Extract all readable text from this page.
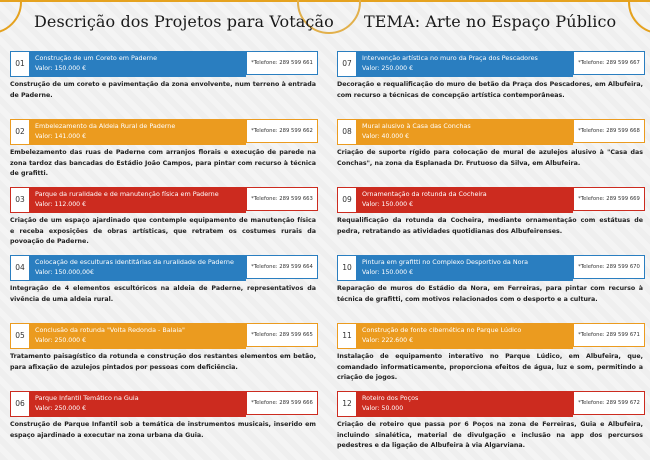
Descrição dos Projetos para Votação TEMA: Arte no Espaço Público
01
Construção de um Coreto em Paderne
Valor: 150.000 €
*Telefone: 289 599 661
Construção de um coreto e pavimentação da zona envolvente, num terreno à entrada de Paderne.
02
Embelezamento da Aldeia Rural de Paderne
Valor: 141.000 €
*Telefone: 289 599 662
Embelezamento das ruas de Paderne com arranjos florais e execução de parede na zona tardoz das bancadas do Estádio João Campos, para pintar com recurso à técnica de grafitti.
03
Parque da ruralidade e de manutenção física em Paderne
Valor: 112.000 €
*Telefone: 289 599 663
Criação de um espaço ajardinado que contemple equipamento de manutenção física e receba exposições de obras artísticas, que retratem os costumes rurais da povoação de Paderne.
04
Colocação de esculturas identitárias da ruralidade de Paderne
Valor: 150.000,00€
*Telefone: 289 599 664
Integração de 4 elementos escultóricos na aldeia de Paderne, representativos da vivência de uma aldeia rural.
05
Conclusão da rotunda "Volta Redonda - Balaia"
Valor: 250.000 €
*Telefone: 289 599 665
Tratamento paisagístico da rotunda e construção dos restantes elementos em betão, para afixação de azulejos pintados por pessoas com deficiência.
06
Parque Infantil Temático na Guia
Valor: 250.000 €
*Telefone: 289 599 666
Construção de Parque Infantil sob a temática de instrumentos musicais, inserido em espaço ajardinado a executar na zona urbana da Guia.
07
Intervenção artística no muro da Praça dos Pescadores
Valor: 250.000 €
*Telefone: 289 599 667
Decoração e requalificação do muro de betão da Praça dos Pescadores, em Albufeira, com recurso a técnicas de concepção artística contemporâneas.
08
Mural alusivo à Casa das Conchas
Valor: 40.000 €
*Telefone: 289 599 668
Criação de suporte rígido para colocação de mural de azulejos alusivo à "Casa das Conchas", na zona da Esplanada Dr. Frutuoso da Silva, em Albufeira.
09
Ornamentação da rotunda da Cocheira
Valor: 150.000 €
*Telefone: 289 599 669
Requalificação da rotunda da Cocheira, mediante ornamentação com estátuas de pedra, retratando as atividades quotidianas dos Albufeirenses.
10
Pintura em grafitti no Complexo Desportivo da Nora
Valor: 150.000 €
*Telefone: 289 599 670
Reparação de muros do Estádio da Nora, em Ferreiras, para pintar com recurso à técnica de grafitti, com motivos relacionados com o desporto e a cultura.
11
Construção de fonte cibernética no Parque Lúdico
Valor: 222.600 €
*Telefone: 289 599 671
Instalação de equipamento interativo no Parque Lúdico, em Albufeira, que, comandado informaticamente, proporciona efeitos de água, luz e som, permitindo a criação de jogos.
12
Roteiro dos Poços
Valor: 50.000
*Telefone: 289 599 672
Criação de roteiro que passa por 6 Poços na zona de Ferreiras, Guia e Albufeira, incluindo sinalética, material de divulgação e inclusão na app dos percursos pedestres e da ligação de Albufeira à via Algarviana.
